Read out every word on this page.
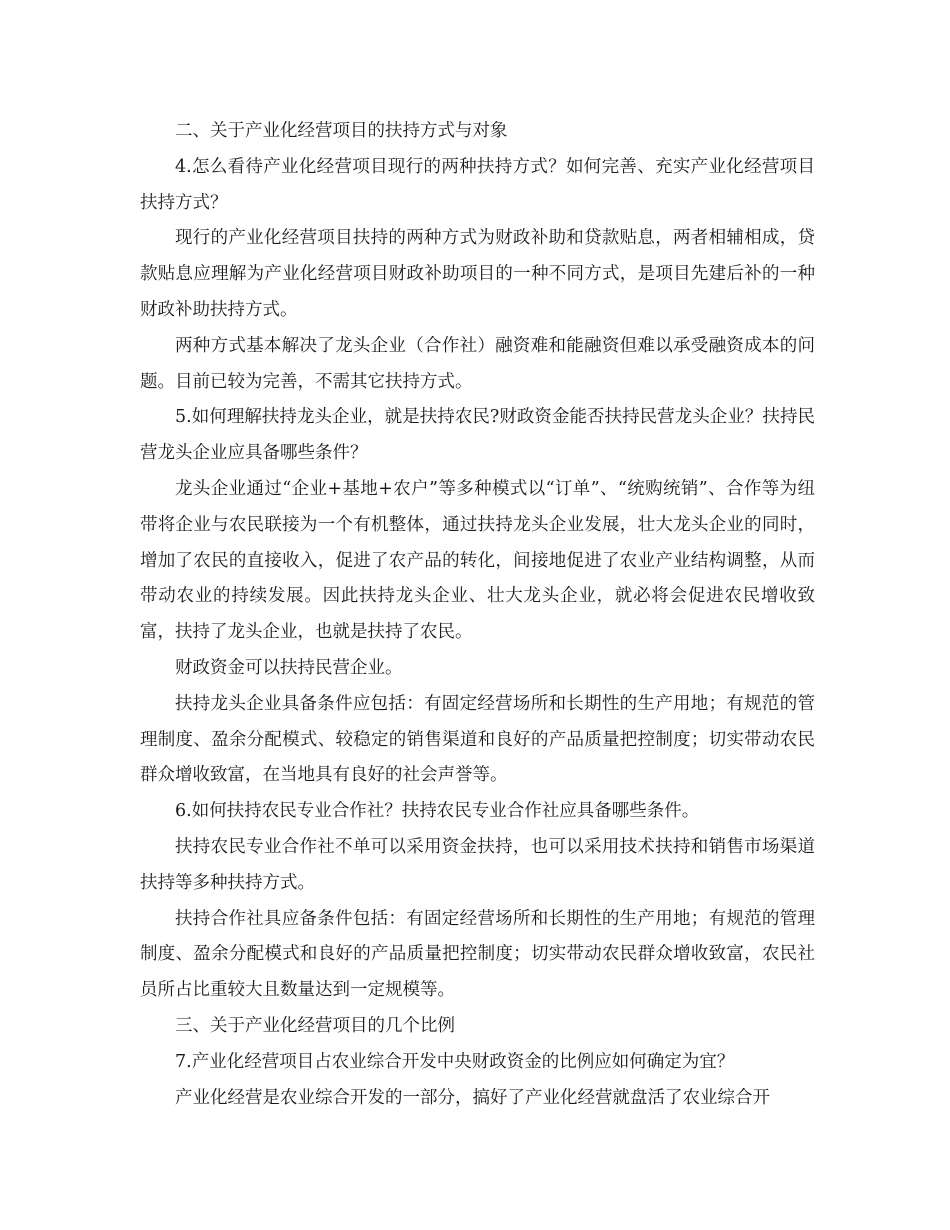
二、关于产业化经营项目的扶持方式与对象

4.怎么看待产业化经营项目现行的两种扶持方式？如何完善、充实产业化经营项目扶持方式？

现行的产业化经营项目扶持的两种方式为财政补助和贷款贴息，两者相辅相成，贷款贴息应理解为产业化经营项目财政补助项目的一种不同方式，是项目先建后补的一种财政补助扶持方式。

两种方式基本解决了龙头企业（合作社）融资难和能融资但难以承受融资成本的问题。目前已较为完善，不需其它扶持方式。

5.如何理解扶持龙头企业，就是扶持农民?财政资金能否扶持民营龙头企业？扶持民营龙头企业应具备哪些条件？

龙头企业通过“企业+基地+农户”等多种模式以“订单”、“统购统销”、合作等为纽带将企业与农民联接为一个有机整体，通过扶持龙头企业发展，壮大龙头企业的同时，增加了农民的直接收入，促进了农产品的转化，间接地促进了农业产业结构调整，从而带动农业的持续发展。因此扶持龙头企业、壮大龙头企业，就必将会促进农民增收致富，扶持了龙头企业，也就是扶持了农民。

财政资金可以扶持民营企业。

扶持龙头企业具备条件应包括：有固定经营场所和长期性的生产用地；有规范的管理制度、盈余分配模式、较稳定的销售渠道和良好的产品质量把控制度；切实带动农民群众增收致富，在当地具有良好的社会声誉等。

6.如何扶持农民专业合作社？扶持农民专业合作社应具备哪些条件。

扶持农民专业合作社不单可以采用资金扶持，也可以采用技术扶持和销售市场渠道扶持等多种扶持方式。

扶持合作社具应备条件包括：有固定经营场所和长期性的生产用地；有规范的管理制度、盈余分配模式和良好的产品质量把控制度；切实带动农民群众增收致富，农民社员所占比重较大且数量达到一定规模等。

三、关于产业化经营项目的几个比例

7.产业化经营项目占农业综合开发中央财政资金的比例应如何确定为宜？

产业化经营是农业综合开发的一部分，搞好了产业化经营就盘活了农业综合开
